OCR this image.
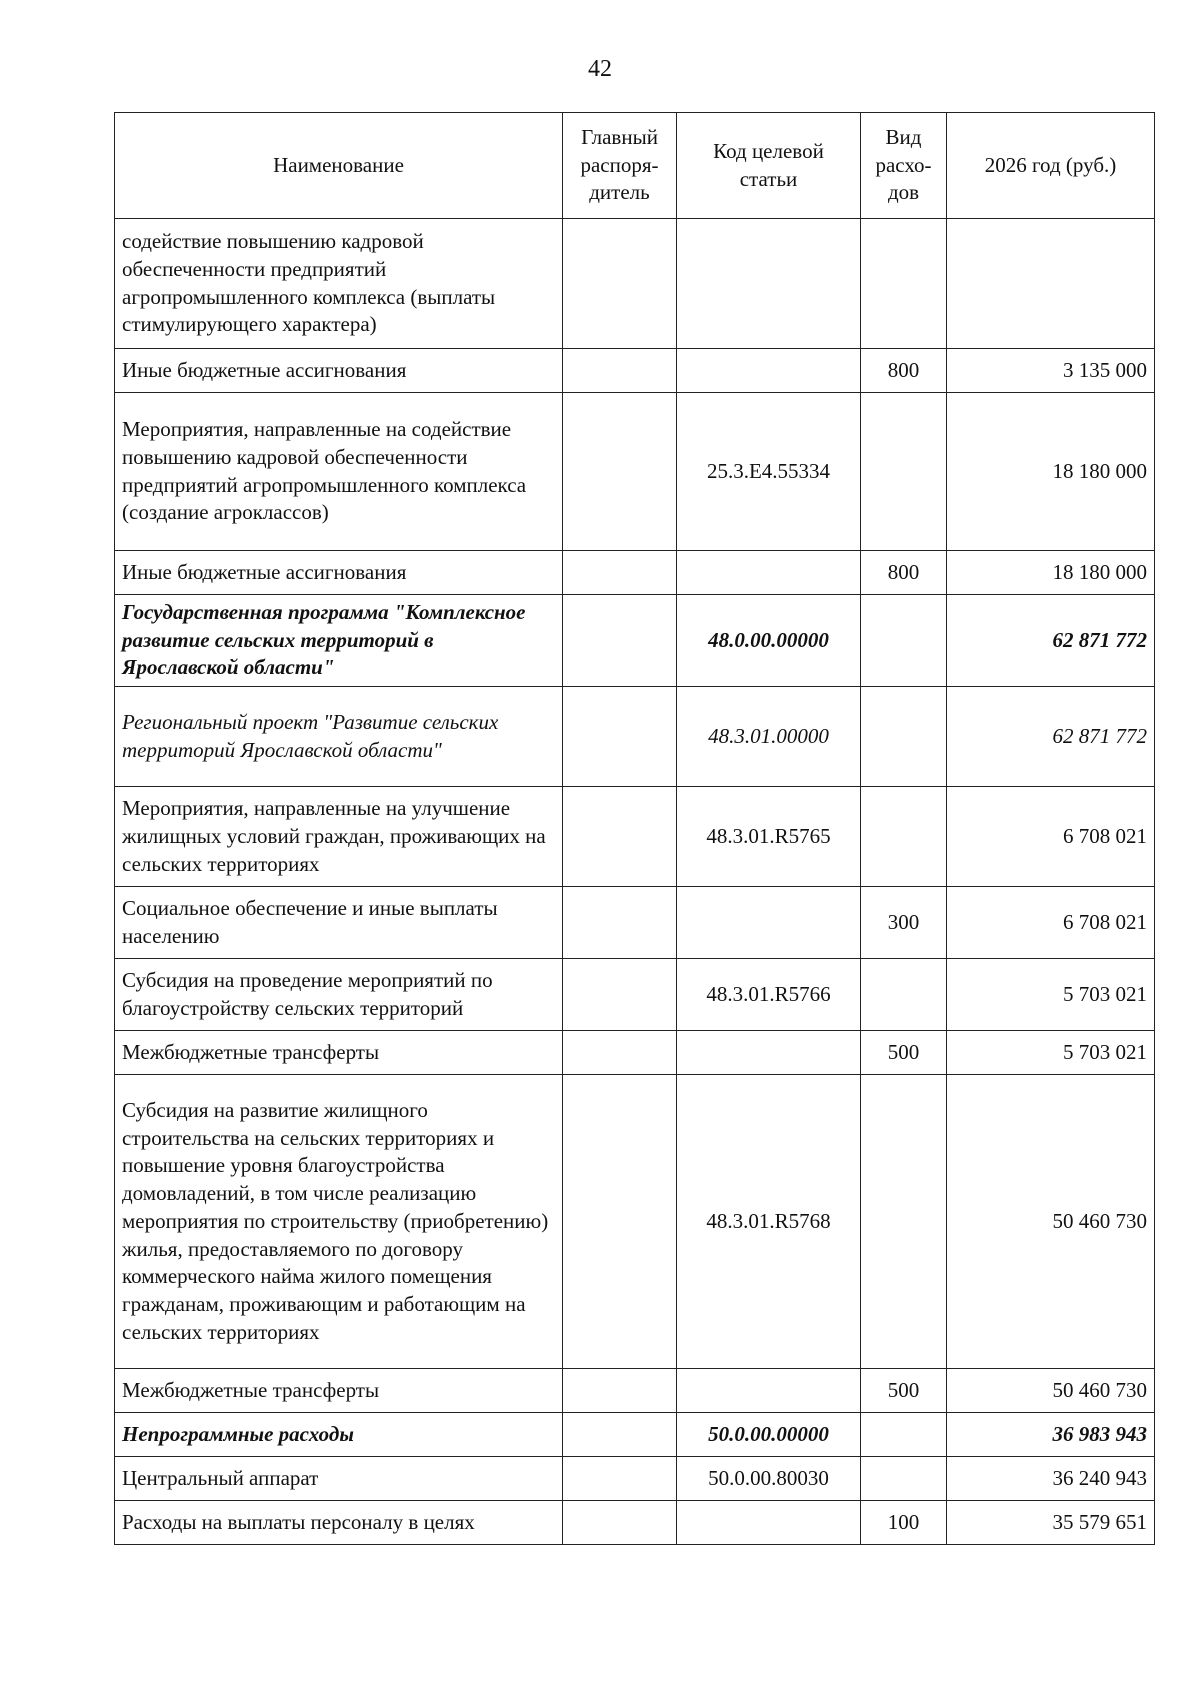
42
Наименование	Главный распоря-дитель	Код целевой статьи	Вид расхо-дов	2026 год (руб.)
содействие повышению кадровой обеспеченности предприятий агропромышленного комплекса (выплаты стимулирующего характера)				
Иные бюджетные ассигнования			800	3 135 000
Мероприятия, направленные на содействие повышению кадровой обеспеченности предприятий агропромышленного комплекса (создание агроклассов)		25.3.Е4.55334		18 180 000
Иные бюджетные ассигнования			800	18 180 000
Государственная программа "Комплексное развитие сельских территорий в Ярославской области"		48.0.00.00000		62 871 772
Региональный проект "Развитие сельских территорий Ярославской области"		48.3.01.00000		62 871 772
Мероприятия, направленные на улучшение жилищных условий граждан, проживающих на сельских территориях		48.3.01.R5765		6 708 021
Социальное обеспечение и иные выплаты населению			300	6 708 021
Субсидия на проведение мероприятий по благоустройству сельских территорий		48.3.01.R5766		5 703 021
Межбюджетные трансферты			500	5 703 021
Субсидия на развитие жилищного строительства на сельских территориях и повышение уровня благоустройства домовладений, в том числе реализацию мероприятия по строительству (приобретению) жилья, предоставляемого по договору коммерческого найма жилого помещения гражданам, проживающим и работающим на сельских территориях		48.3.01.R5768		50 460 730
Межбюджетные трансферты			500	50 460 730
Непрограммные расходы		50.0.00.00000		36 983 943
Центральный аппарат		50.0.00.80030		36 240 943
Расходы на выплаты персоналу в целях			100	35 579 651
